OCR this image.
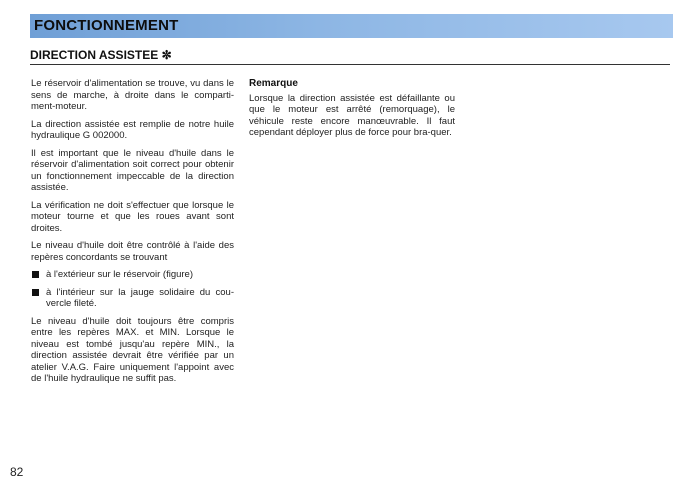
FONCTIONNEMENT
DIRECTION ASSISTEE ✼

Le réservoir d'alimentation se trouve, vu dans le sens de marche, à droite dans le comparti-ment-moteur.

La direction assistée est remplie de notre huile hydraulique G 002000.

Il est important que le niveau d'huile dans le réservoir d'alimentation soit correct pour obtenir un fonctionnement impeccable de la direction assistée.

La vérification ne doit s'effectuer que lorsque le moteur tourne et que les roues avant sont droites.

Le niveau d'huile doit être contrôlé à l'aide des repères concordants se trouvant

à l'extérieur sur le réservoir (figure)
à l'intérieur sur la jauge solidaire du cou-vercle fileté.

Le niveau d'huile doit toujours être compris entre les repères MAX. et MIN. Lorsque le niveau est tombé jusqu'au repère MIN., la direction assistée devrait être vérifiée par un atelier V.A.G. Faire uniquement l'appoint avec de l'huile hydraulique ne suffit pas.

Remarque
Lorsque la direction assistée est défaillante ou que le moteur est arrêté (remorquage), le véhicule reste encore manœuvrable. Il faut cependant déployer plus de force pour bra-quer.
82
